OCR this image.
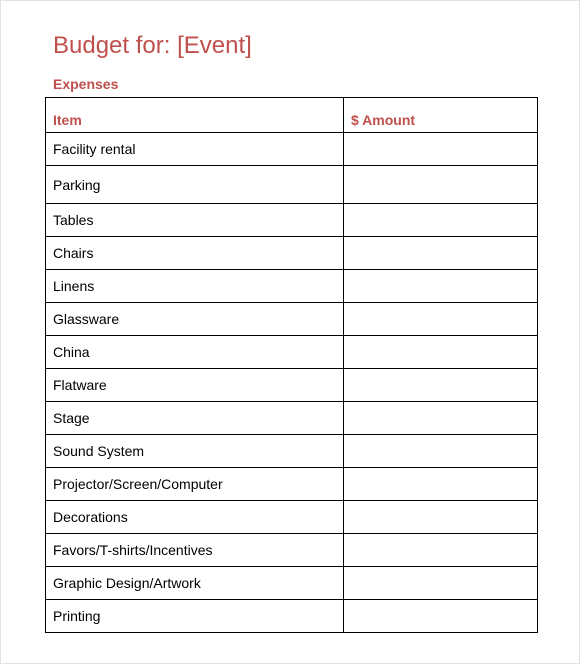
Budget for: [Event]
Expenses
Item	$ Amount
Facility rental	
Parking	
Tables	
Chairs	
Linens	
Glassware	
China	
Flatware	
Stage	
Sound System	
Projector/Screen/Computer	
Decorations	
Favors/T-shirts/Incentives	
Graphic Design/Artwork	
Printing	
